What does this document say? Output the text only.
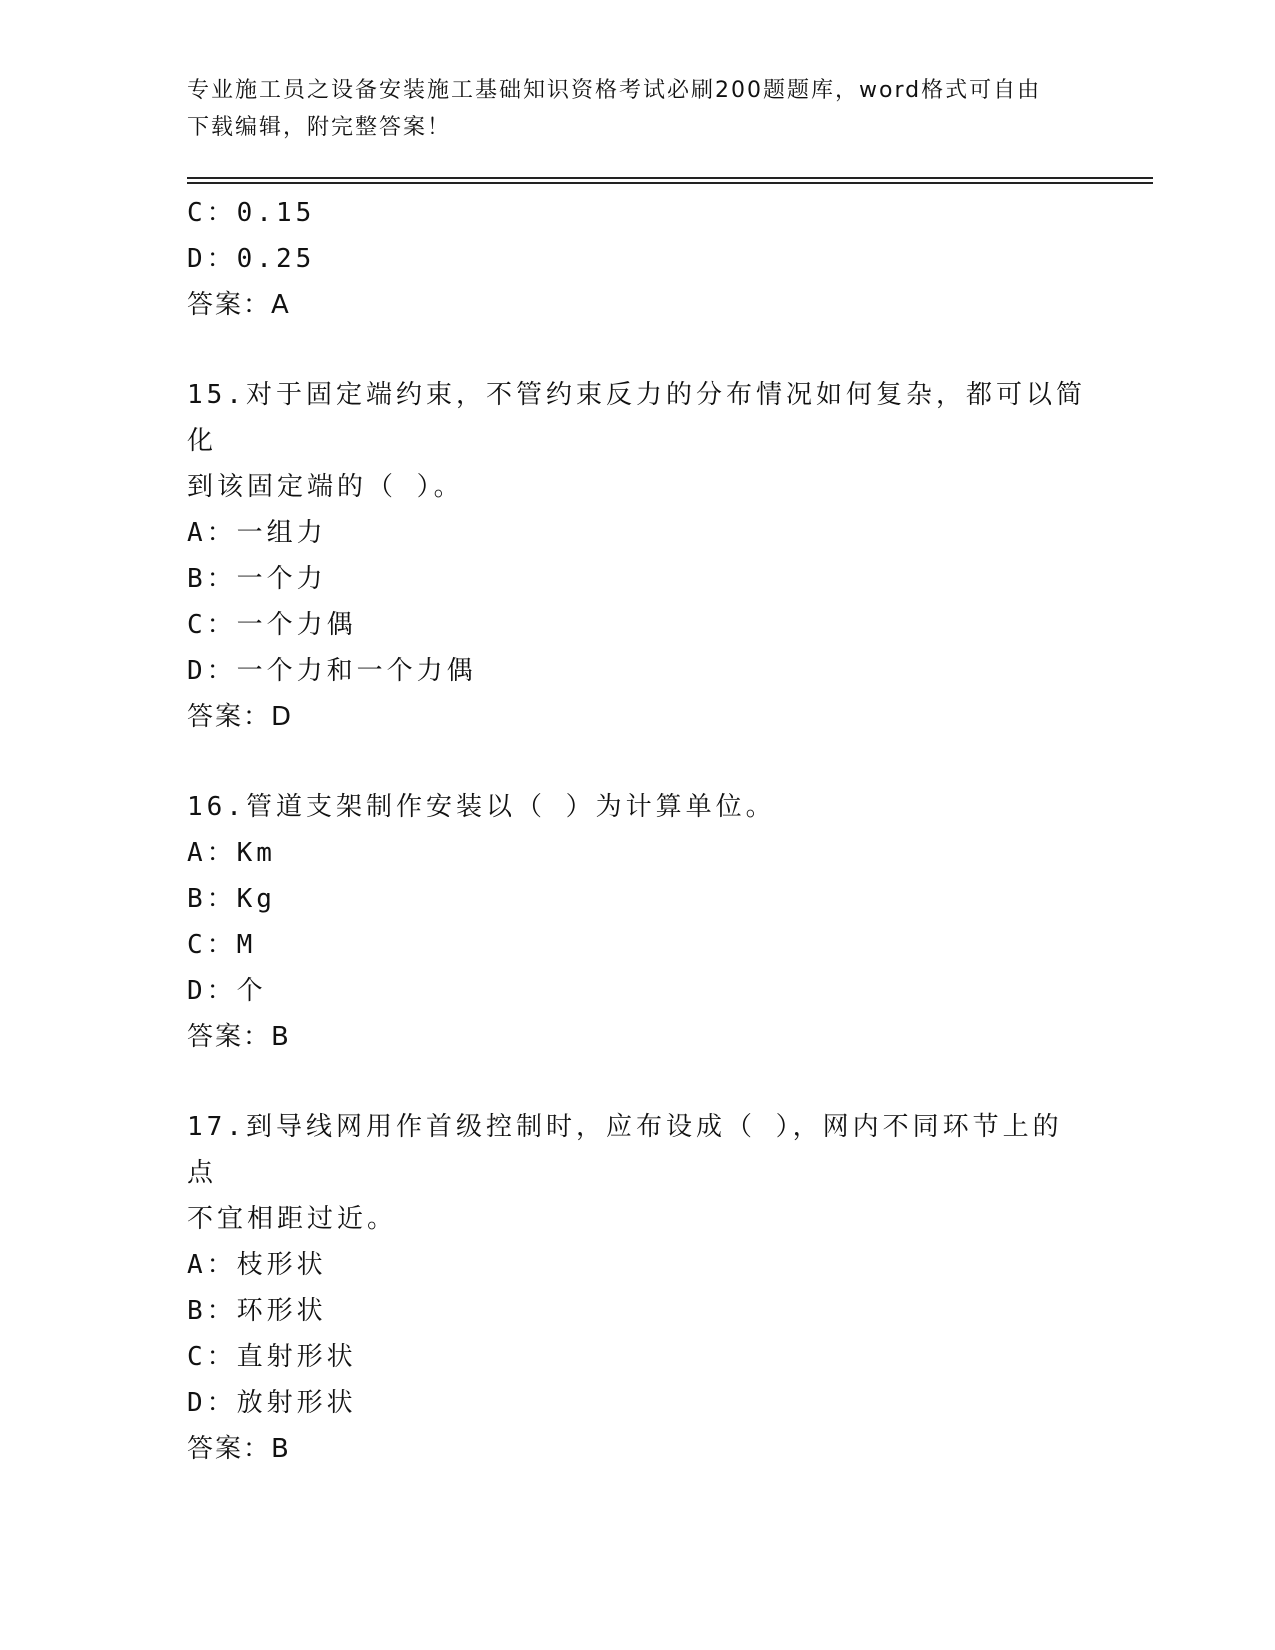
专业施工员之设备安装施工基础知识资格考试必刷200题题库，word格式可自由
下载编辑，附完整答案！
C：0.15
D：0.25
答案：A
15.对于固定端约束，不管约束反力的分布情况如何复杂，都可以简化
到该固定端的（ ）。
A：一组力
B：一个力
C：一个力偶
D：一个力和一个力偶
答案：D
16.管道支架制作安装以（ ）为计算单位。
A：Km
B：Kg
C：M
D：个
答案：B
17.到导线网用作首级控制时，应布设成（ ），网内不同环节上的点
不宜相距过近。
A：枝形状
B：环形状
C：直射形状
D：放射形状
答案：B
